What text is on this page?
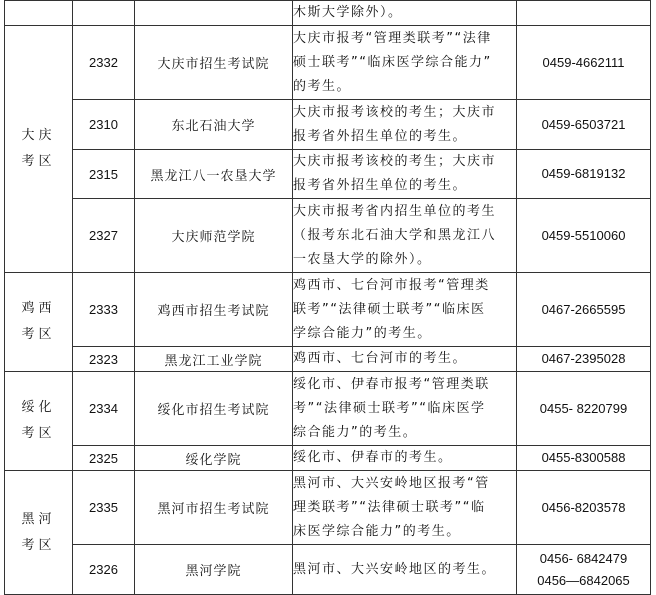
			木斯大学除外）。	
大庆
考区	2332	大庆市招生考试院	大庆市报考“管理类联考”“法律
硕士联考”“临床医学综合能力”
的考生。	0459-4662111
	2310	东北石油大学	大庆市报考该校的考生；大庆市
报考省外招生单位的考生。	0459-6503721
	2315	黑龙江八一农垦大学	大庆市报考该校的考生；大庆市
报考省外招生单位的考生。	0459-6819132
	2327	大庆师范学院	大庆市报考省内招生单位的考生
（报考东北石油大学和黑龙江八
一农垦大学的除外）。	0459-5510060
鸡西
考区	2333	鸡西市招生考试院	鸡西市、七台河市报考“管理类
联考”“法律硕士联考”“临床医
学综合能力”的考生。	0467-2665595
	2323	黑龙江工业学院	鸡西市、七台河市的考生。	0467-2395028
绥化
考区	2334	绥化市招生考试院	绥化市、伊春市报考“管理类联
考”“法律硕士联考”“临床医学
综合能力”的考生。	0455- 8220799
	2325	绥化学院	绥化市、伊春市的考生。	0455-8300588
黑河
考区	2335	黑河市招生考试院	黑河市、大兴安岭地区报考“管
理类联考”“法律硕士联考”“临
床医学综合能力”的考生。	0456-8203578
	2326	黑河学院	黑河市、大兴安岭地区的考生。	0456- 6842479
0456—6842065
